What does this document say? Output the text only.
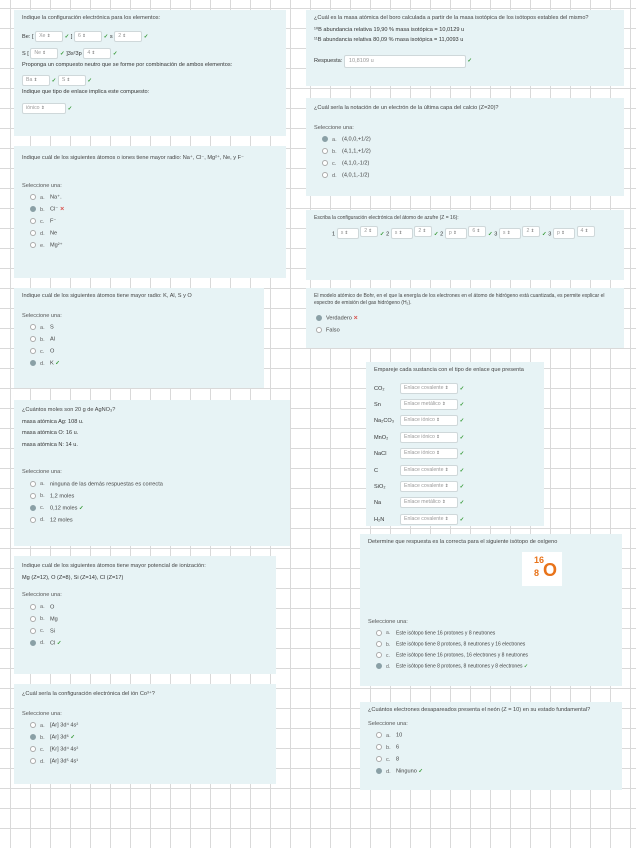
Indique la configuración electrónica para los elementos:
Be: [ Xe ⇕	✓ ] 6 ⇕	✓ s 2 ⇕	✓
S [ Ne ⇕	✓ ]3s²3p 4 ⇕	✓
Proponga un compuesto neutro que se forme por combinación de ambos elementos:
Ba ⇕	✓ S ⇕	✓
Indique que tipo de enlace implica este compuesto:
iónico ⇕	✓
Indique cuál de los siguientes átomos o iones tiene mayor radio: Na⁺, Cl⁻, Mg²⁺, Ne, y F⁻
Seleccione una:
a. Na⁺.
b. Cl⁻ ✕
c. F⁻
d. Ne
e. Mg²⁺
Indique cuál de los siguientes átomos tiene mayor radio: K, Al, S y O
Seleccione una:
a. S
b. Al
c. O
d. K ✓
¿Cuántos moles son 20 g de AgNO₃?
masa atómica Ag: 108 u.
masa atómica O: 16 u.
masa atómica N: 14 u.
Seleccione una:
a. ninguna de las demás respuestas es correcta
b. 1,2 moles
c. 0,12 moles ✓
d. 12 moles
Indique cuál de los siguientes átomos tiene mayor potencial de ionización:
Mg (Z=12), O (Z=8), Si (Z=14), Cl (Z=17)
Seleccione una:
a. O
b. Mg
c. Si
d. Cl ✓
¿Cuál sería la configuración electrónica del ión Co³⁺?
Seleccione una:
a. [Ar] 3d⁴ 4s²
b. [Ar] 3d⁶ ✓
c. [Kr] 3d⁴ 4s²
d. [Ar] 3d⁵ 4s¹
¿Cuál es la masa atómica del boro calculada a partir de la masa isotópica de los isótopos estables del mismo?
¹⁰B abundancia relativa 19,90 % masa isotópica = 10,0129 u
¹¹B abundancia relativa 80,09 % masa isotópica = 11,0093 u
Respuesta: 10,8109 u	✓
¿Cuál sería la notación de un electrón de la última capa del calcio (Z=20)?
Seleccione una:
a. (4,0,0,+1/2)
b. (4,1,1,+1/2)
c. (4,1,0,-1/2)
d. (4,0,1,-1/2)
Escriba la configuración electrónica del átomo de azufre (Z = 16):
1 s ⇕	$^2$ ⇕ ✓ 2 s ⇕	$^2$ ⇕ ✓ 2 p ⇕	$^6$ ⇕ ✓ 3 s ⇕	$^2$ ⇕ ✓ 3 p ⇕	$^4$ ⇕
El modelo atómico de Bohr, en el que la energía de los electrones en el átomo de hidrógeno está cuantizada, es permite explicar el espectro de emisión del gas hidrógeno (H₂).
Verdadero ✕
Falso
Empareje cada sustancia con el tipo de enlace que presenta
CO₂	Enlace covalente ⇕	✓
Sn	Enlace metálico ⇕	✓
Na₂CO₃ Enlace iónico ⇕	✓
MnO₂	Enlace iónico ⇕	✓
NaCl	Enlace iónico ⇕	✓
C	Enlace covalente ⇕	✓
SiO₂	Enlace covalente ⇕	✓
Na	Enlace metálico ⇕	✓
H₂N	Enlace covalente ⇕	✓
Determine que respuesta es la correcta para el siguiente isótopo de oxígeno
16
8 O
Seleccione una:
a. Este isótopo tiene 16 protones y 8 neutrones
b. Este isótopo tiene 8 protones, 8 neutrones y 16 electrones
c. Este isótopo tiene 16 protones, 16 electrones y 8 neutrones
d. Este isótopo tiene 8 protones, 8 neutrones y 8 electrones ✓
¿Cuántos electrones desapareados presenta el neón (Z = 10) en su estado fundamental?
Seleccione una:
a. 10
b. 6
c. 8
d. Ninguno ✓
